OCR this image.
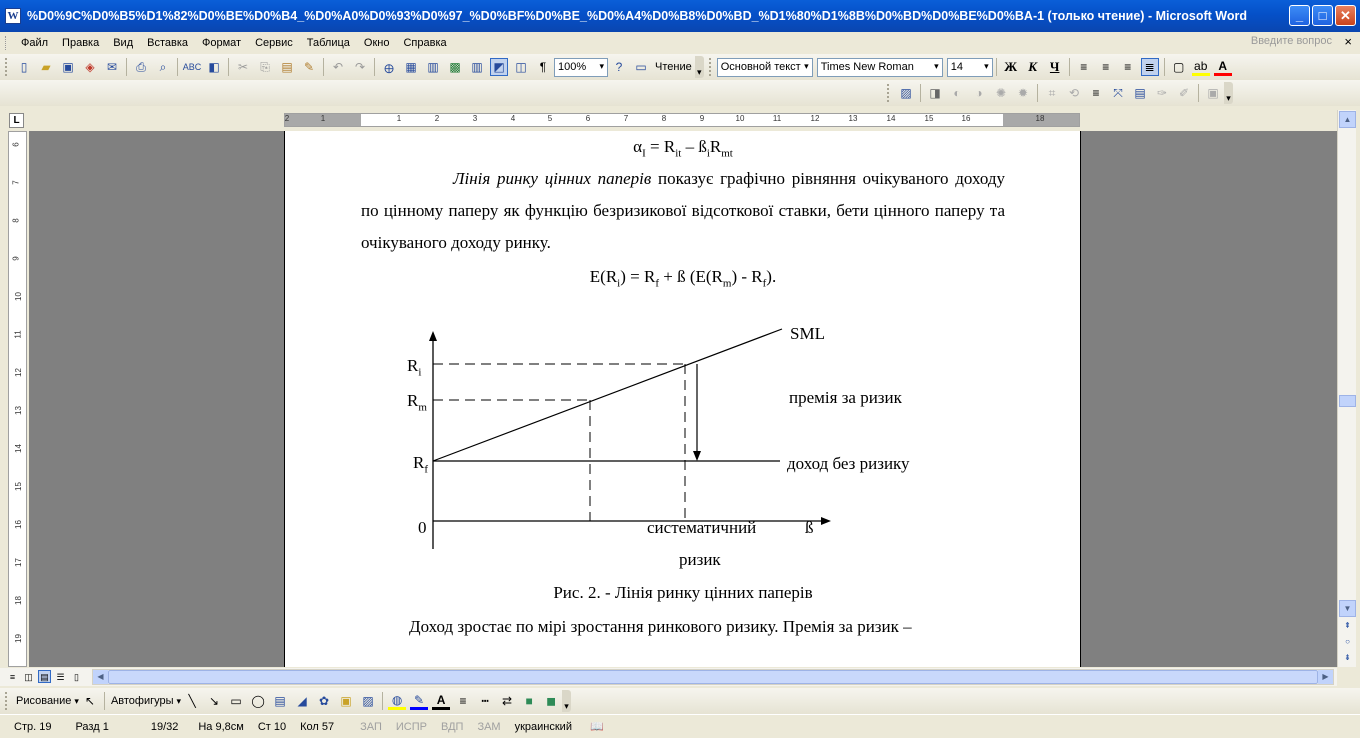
W %D0%9C%D0%B5%D1%82%D0%BE%D0%B4_%D0%A0%D0%93%D0%97_%D0%BF%D0%BE_%D0%A4%D0%B8%D0%BD_%D1%80%D1%8B%D0%BD%D0%BE%D0%BA-1 (только чтение) - Microsoft Word	_	□	✕
Файл	Правка	Вид	Вставка	Формат	Сервис	Таблица	Окно	Справка	Введите вопрос ×
▯	▰ ▣ ◈	✉	⎙	⌕	ABC ◧	✂	⎘ ▤ ✎	↶ ↷	🜨 ▦ ▥ ▩ ▥ ◩ ◫	¶	100% ▾	?	▭ Чтение ▾	Основной текст ▾	Times New Roman ▾	14 ▾	Ж К Ч	≡	≡	≡	≣	▢ ab A
▨ ◨	◐	◑	✺ ✹	⌗	⟲	≡	⤧ ▤ ✑ ✐	▣ ▾
L	2	1	1	2	3	4	5	6	7	8	9	10	11	12	13	14	15	16	18
6
7
8
9
10
11
12
13
14
15
16
17
18
19
$\alpha_I = R_{it}$ – $ß_iR_{mt}$
Лінія ринку цінних паперів показує графічно рівняння очікуваного доходу по цінному паперу як функцію безризикової відсоткової ставки, бети цінного паперу та очікуваного доходу ринку.
$E(R_i) = R_f$ + ß $(E(R_m) - R_f)$.
SML
$R_i$
$R_m$
$R_f$
премія за ризик
доход без ризику
0	систематичний	ß
ризик
Рис. 2. - Лінія ринку цінних паперів
Доход зростає по мірі зростання ринкового ризику. Премія за ризик –
▲
▼
⇞
○
⇟
≡	◫ ▤ ☰	▯	◀	▶
Рисование ▾ ↖	Автофигуры ▾ ╲	↘ ▭ ◯ ▤ ◢	✿ ▣ ▨	◍ ✎	A	≡	┅	⇄	■	◼ ▾
Стр. 19 Разд 1	19/32 На 9,8см Ст 10 Кол 57 ЗАП ИСПР ВДП ЗАМ украинский 📖
